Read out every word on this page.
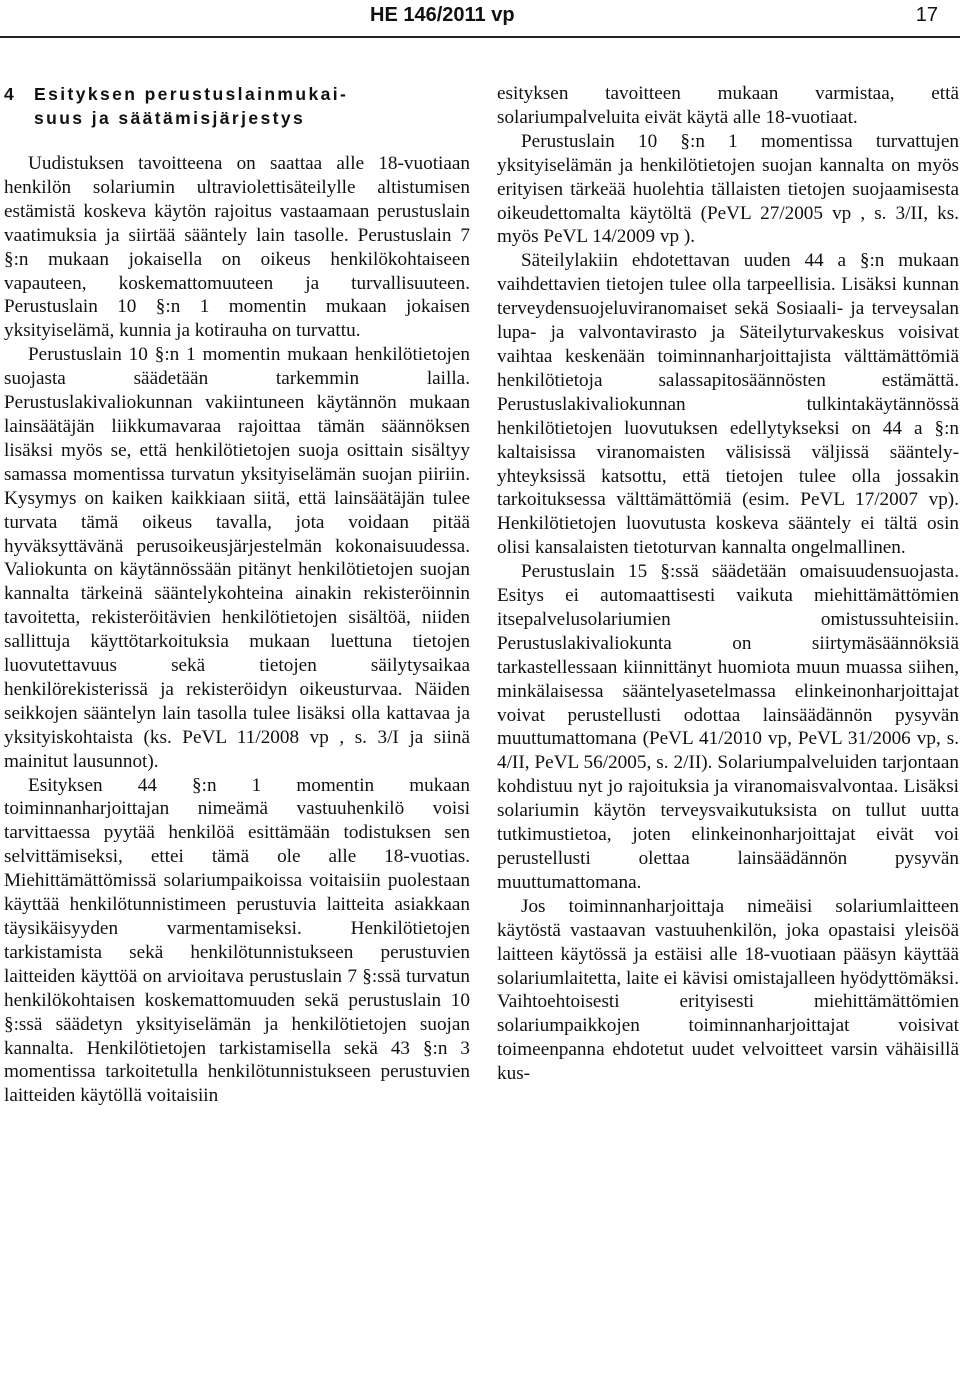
HE 146/2011 vp	17
4 Esityksen perustuslainmukai-
suus ja säätämisjärjestys

Uudistuksen tavoitteena on saattaa alle 18-vuotiaan henkilön solariumin ultraviolettisäteilylle altistumisen estämistä koskeva käytön rajoitus vastaamaan perustuslain vaatimuksia ja siirtää sääntely lain tasolle. Perustuslain 7 §:n mukaan jokaisella on oikeus henkilökohtaiseen vapauteen, koskemattomuuteen ja turvallisuuteen. Perustuslain 10 §:n 1 momentin mukaan jokaisen yksityiselämä, kunnia ja kotirauha on turvattu.

Perustuslain 10 §:n 1 momentin mukaan henkilötietojen suojasta säädetään tarkemmin lailla. Perustuslakivaliokunnan vakiintuneen käytännön mukaan lainsäätäjän liikkumavaraa rajoittaa tämän säännöksen lisäksi myös se, että henkilötietojen suoja osittain sisältyy samassa momentissa turvatun yksityiselämän suojan piiriin. Kysymys on kaiken kaikkiaan siitä, että lainsäätäjän tulee turvata tämä oikeus tavalla, jota voidaan pitää hyväksyttävänä perusoikeusjärjestelmän kokonaisuudessa. Valiokunta on käytännössään pitänyt henkilötietojen suojan kannalta tärkeinä sääntelykohteina ainakin rekisteröinnin tavoitetta, rekisteröitävien henkilötietojen sisältöä, niiden sallittuja käyttötarkoituksia mukaan luettuna tietojen luovutettavuus sekä tietojen säilytysaikaa henkilörekisterissä ja rekisteröidyn oikeusturvaa. Näiden seikkojen sääntelyn lain tasolla tulee lisäksi olla kattavaa ja yksityiskohtaista (ks. PeVL 11/2008 vp , s. 3/I ja siinä mainitut lausunnot).

Esityksen 44 §:n 1 momentin mukaan toiminnanharjoittajan nimeämä vastuuhenkilö voisi tarvittaessa pyytää henkilöä esittämään todistuksen sen selvittämiseksi, ettei tämä ole alle 18-vuotias. Miehittämättömissä solariumpaikoissa voitaisiin puolestaan käyttää henkilötunnistimeen perustuvia laitteita asiakkaan täysikäisyyden varmentamiseksi. Henkilötietojen tarkistamista sekä henkilötunnistukseen perustuvien laitteiden käyttöä on arvioitava perustuslain 7 §:ssä turvatun henkilökohtaisen koskemattomuuden sekä perustuslain 10 §:ssä säädetyn yksityiselämän ja henkilötietojen suojan kannalta. Henkilötietojen tarkistamisella sekä 43 §:n 3 momentissa tarkoitetulla henkilötunnistukseen perustuvien laitteiden käytöllä voitaisiin

esityksen tavoitteen mukaan varmistaa, että solariumpalveluita eivät käytä alle 18-vuotiaat.

Perustuslain 10 §:n 1 momentissa turvattujen yksityiselämän ja henkilötietojen suojan kannalta on myös erityisen tärkeää huolehtia tällaisten tietojen suojaamisesta oikeudettomalta käytöltä (PeVL 27/2005 vp , s. 3/II, ks. myös PeVL 14/2009 vp ).

Säteilylakiin ehdotettavan uuden 44 a §:n mukaan vaihdettavien tietojen tulee olla tarpeellisia. Lisäksi kunnan terveydensuojeluviranomaiset sekä Sosiaali- ja terveysalan lupa- ja valvontavirasto ja Säteilyturvakeskus voisivat vaihtaa keskenään toiminnanharjoittajista välttämättömiä henkilötietoja salassapitosäännösten estämättä. Perustuslakivaliokunnan tulkintakäytännössä henkilötietojen luovutuksen edellytykseksi on 44 a §:n kaltaisissa viranomaisten välisissä väljissä sääntely-yhteyksissä katsottu, että tietojen tulee olla jossakin tarkoituksessa välttämättömiä (esim. PeVL 17/2007 vp). Henkilötietojen luovutusta koskeva sääntely ei tältä osin olisi kansalaisten tietoturvan kannalta ongelmallinen.

Perustuslain 15 §:ssä säädetään omaisuudensuojasta. Esitys ei automaattisesti vaikuta miehittämättömien itsepalvelusolariumien omistussuhteisiin. Perustuslakivaliokunta on siirtymäsäännöksiä tarkastellessaan kiinnittänyt huomiota muun muassa siihen, minkälaisessa sääntelyasetelmassa elinkeinonharjoittajat voivat perustellusti odottaa lainsäädännön pysyvän muuttumattomana (PeVL 41/2010 vp, PeVL 31/2006 vp, s. 4/II, PeVL 56/2005, s. 2/II). Solariumpalveluiden tarjontaan kohdistuu nyt jo rajoituksia ja viranomaisvalvontaa. Lisäksi solariumin käytön terveysvaikutuksista on tullut uutta tutkimustietoa, joten elinkeinonharjoittajat eivät voi perustellusti olettaa lainsäädännön pysyvän muuttumattomana.

Jos toiminnanharjoittaja nimeäisi solariumlaitteen käytöstä vastaavan vastuuhenkilön, joka opastaisi yleisöä laitteen käytössä ja estäisi alle 18-vuotiaan pääsyn käyttää solariumlaitetta, laite ei kävisi omistajalleen hyödyttömäksi. Vaihtoehtoisesti erityisesti miehittämättömien solariumpaikkojen toiminnanharjoittajat voisivat toimeenpanna ehdotetut uudet velvoitteet varsin vähäisillä kus-
